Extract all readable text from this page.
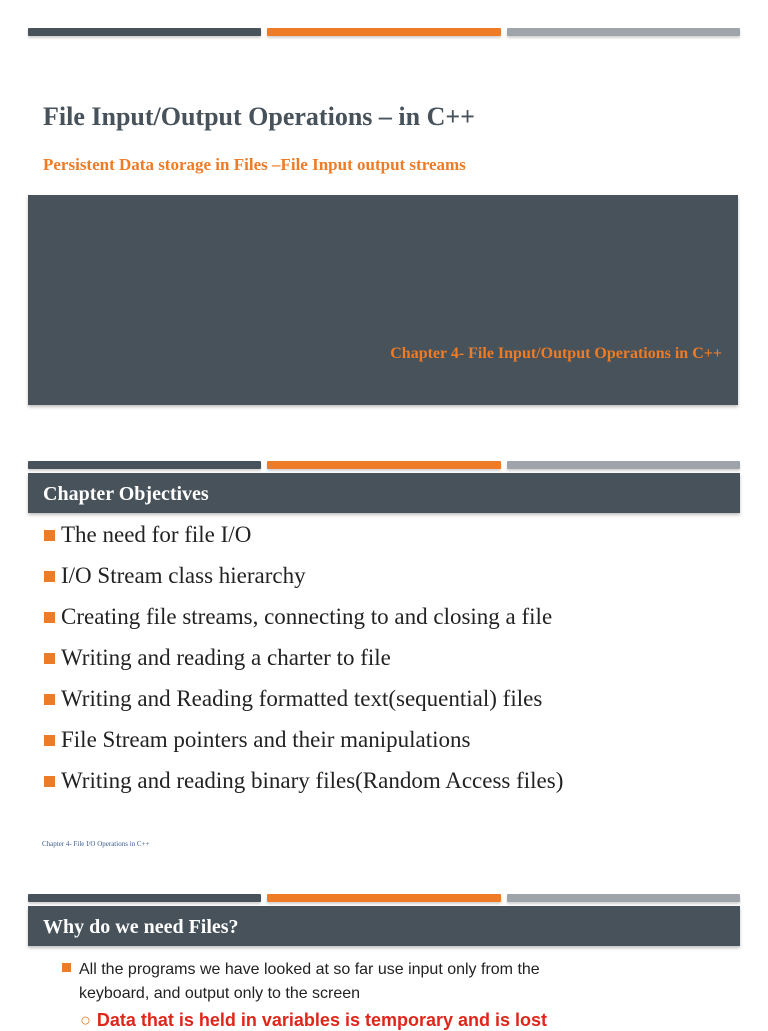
File Input/Output Operations – in C++
Persistent Data storage in Files –File Input output streams
Chapter 4- File Input/Output Operations in C++
Chapter Objectives
The need for file I/O
I/O Stream class hierarchy
Creating file streams, connecting to and closing a file
Writing and reading a charter to file
Writing and Reading formatted text(sequential) files
File Stream pointers and their manipulations
Writing and reading binary files(Random Access files)
Chapter 4- File I/O Operations in C++
Why do we need Files?
All the programs we have looked at so far use input only from the
keyboard, and output only to the screen
○ Data that is held in variables is temporary and is lost
